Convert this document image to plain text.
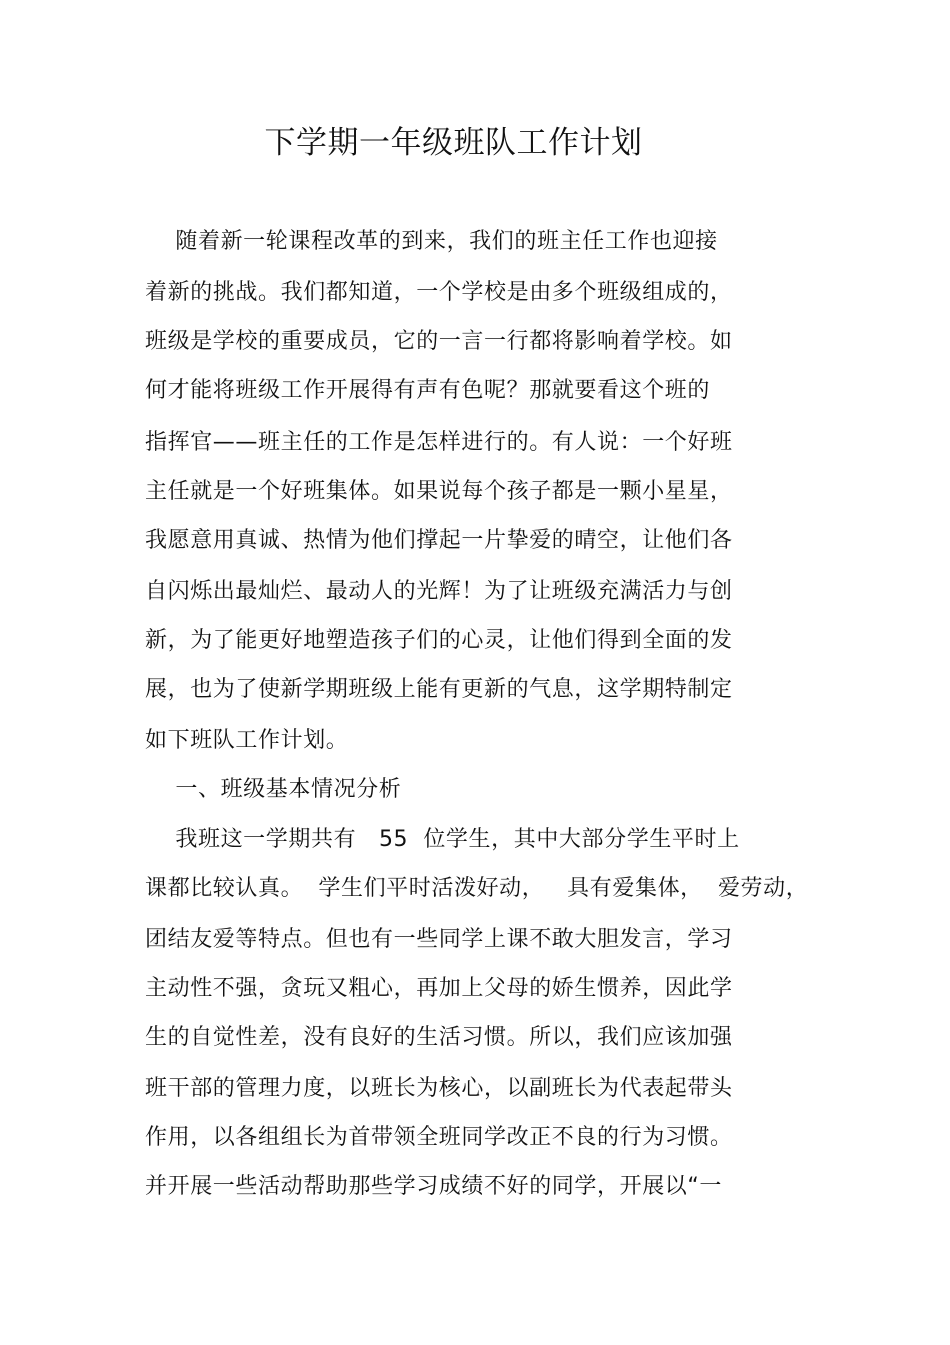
下学期一年级班队工作计划
随着新一轮课程改革的到来，我们的班主任工作也迎接
着新的挑战。我们都知道，一个学校是由多个班级组成的，
班级是学校的重要成员，它的一言一行都将影响着学校。如
何才能将班级工作开展得有声有色呢？那就要看这个班的
指挥官——班主任的工作是怎样进行的。有人说：一个好班
主任就是一个好班集体。如果说每个孩子都是一颗小星星，
我愿意用真诚、热情为他们撑起一片挚爱的晴空，让他们各
自闪烁出最灿烂、最动人的光辉！为了让班级充满活力与创
新，为了能更好地塑造孩子们的心灵，让他们得到全面的发
展，也为了使新学期班级上能有更新的气息，这学期特制定
如下班队工作计划。
一、班级基本情况分析
我班这一学期共有   55  位学生，其中大部分学生平时上
课都比较认真。  学生们平时活泼好动，   具有爱集体，  爱劳动，
团结友爱等特点。但也有一些同学上课不敢大胆发言，学习
主动性不强，贪玩又粗心，再加上父母的娇生惯养，因此学
生的自觉性差，没有良好的生活习惯。所以，我们应该加强
班干部的管理力度，以班长为核心，以副班长为代表起带头
作用，以各组组长为首带领全班同学改正不良的行为习惯。
并开展一些活动帮助那些学习成绩不好的同学，开展以“一
